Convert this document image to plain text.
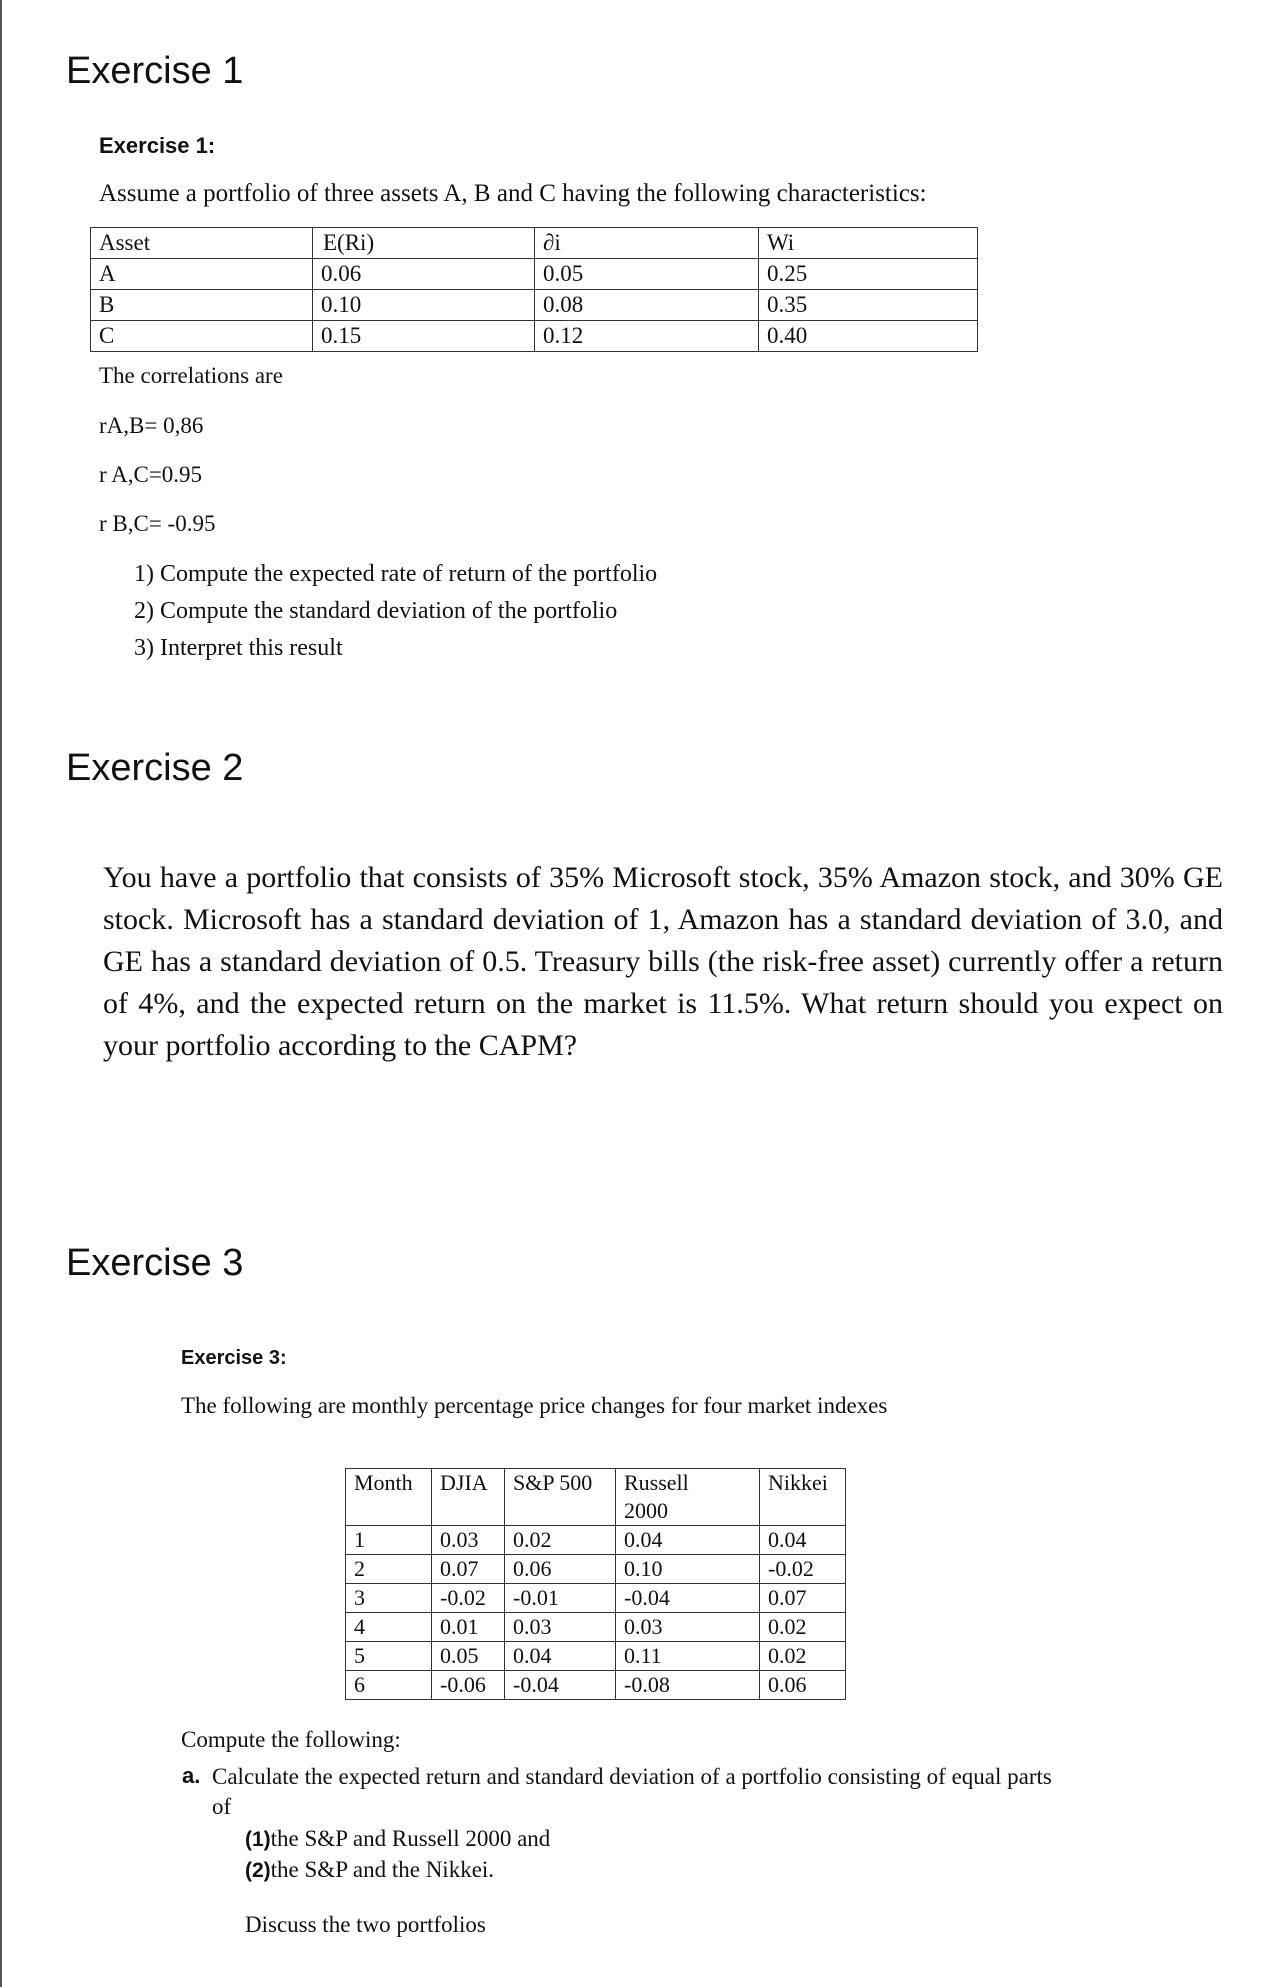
Exercise 1
Exercise 1:
Assume a portfolio of three assets A, B and C having the following characteristics:
Asset	E(Ri)	∂i	Wi
A	0.06	0.05	0.25
B	0.10	0.08	0.35
C	0.15	0.12	0.40
The correlations are
rA,B= 0,86
r A,C=0.95
r B,C= -0.95
1) Compute the expected rate of return of the portfolio
2) Compute the standard deviation of the portfolio
3) Interpret this result
Exercise 2
You have a portfolio that consists of 35% Microsoft stock, 35% Amazon stock, and 30% GE stock. Microsoft has a standard deviation of 1, Amazon has a standard deviation of 3.0, and GE has a standard deviation of 0.5. Treasury bills (the risk-free asset) currently offer a return of 4%, and the expected return on the market is 11.5%. What return should you expect on your portfolio according to the CAPM?
Exercise 3
Exercise 3:
The following are monthly percentage price changes for four market indexes
Month	DJIA	S&P 500	Russell 2000	Nikkei
1	0.03	0.02	0.04	0.04
2	0.07	0.06	0.10	-0.02
3	-0.02	-0.01	-0.04	0.07
4	0.01	0.03	0.03	0.02
5	0.05	0.04	0.11	0.02
6	-0.06	-0.04	-0.08	0.06
Compute the following:
a. Calculate the expected return and standard deviation of a portfolio consisting of equal parts of
(1)the S&P and Russell 2000 and
(2)the S&P and the Nikkei.
Discuss the two portfolios
